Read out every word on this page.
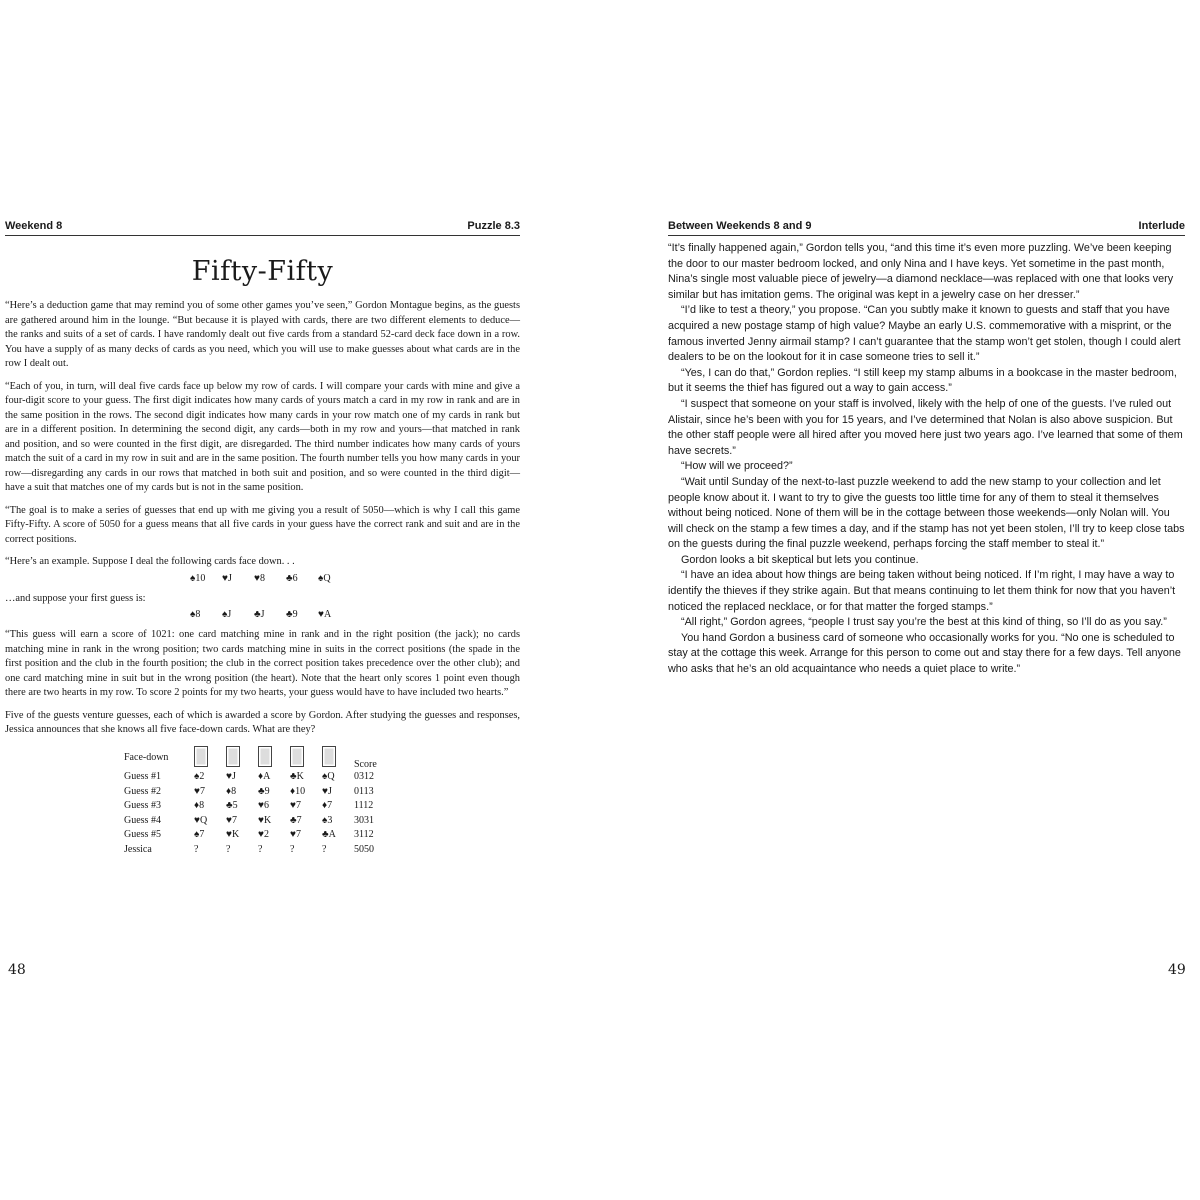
Weekend 8	Puzzle 8.3
Fifty-Fifty

“Here’s a deduction game that may remind you of some other games you’ve seen,” Gordon Montague begins, as the guests are gathered around him in the lounge. “But because it is played with cards, there are two different elements to deduce—the ranks and suits of a set of cards. I have randomly dealt out five cards from a standard 52-card deck face down in a row. You have a supply of as many decks of cards as you need, which you will use to make guesses about what cards are in the row I dealt out.

“Each of you, in turn, will deal five cards face up below my row of cards. I will compare your cards with mine and give a four-digit score to your guess. The first digit indicates how many cards of yours match a card in my row in rank and are in the same position in the rows. The second digit indicates how many cards in your row match one of my cards in rank but are in a different position. In determining the second digit, any cards—both in my row and yours—that matched in rank and position, and so were counted in the first digit, are disregarded. The third number indicates how many cards of yours match the suit of a card in my row in suit and are in the same position. The fourth number tells you how many cards in your row—disregarding any cards in our rows that matched in both suit and position, and so were counted in the third digit—have a suit that matches one of my cards but is not in the same position.

“The goal is to make a series of guesses that end up with me giving you a result of 5050—which is why I call this game Fifty-Fifty. A score of 5050 for a guess means that all five cards in your guess have the correct rank and suit and are in the correct positions.

“Here’s an example. Suppose I deal the following cards face down. . .

♠10 ♥J ♥8 ♣6 ♠Q

…and suppose your first guess is:

♠8 ♠J ♣J ♣9 ♥A

“This guess will earn a score of 1021: one card matching mine in rank and in the right position (the jack); no cards matching mine in rank in the wrong position; two cards matching mine in suits in the correct positions (the spade in the first position and the club in the fourth position; the club in the correct position takes precedence over the other club); and one card matching mine in suit but in the wrong position (the heart). Note that the heart only scores 1 point even though there are two hearts in my row. To score 2 points for my two hearts, your guess would have to have included two hearts.”

Five of the guests venture guesses, each of which is awarded a score by Gordon. After studying the guesses and responses, Jessica announces that she knows all five face-down cards. What are they?

Face-down						Score
Guess #1	♠2	♥J	♦A	♣K	♠Q	0312
Guess #2	♥7	♦8	♣9	♦10	♥J	0113
Guess #3	♦8	♣5	♥6	♥7	♦7	1112
Guess #4	♥Q	♥7	♥K	♣7	♠3	3031
Guess #5	♠7	♥K	♥2	♥7	♣A	3112
Jessica	?	?	?	?	?	5050
48
Between Weekends 8 and 9	Interlude

“It’s finally happened again,” Gordon tells you, “and this time it’s even more puzzling. We’ve been keeping the door to our master bedroom locked, and only Nina and I have keys. Yet sometime in the past month, Nina’s single most valuable piece of jewelry—a diamond necklace—was replaced with one that looks very similar but has imitation gems. The original was kept in a jewelry case on her dresser.”

“I’d like to test a theory,” you propose. “Can you subtly make it known to guests and staff that you have acquired a new postage stamp of high value? Maybe an early U.S. commemorative with a misprint, or the famous inverted Jenny airmail stamp? I can’t guarantee that the stamp won’t get stolen, though I could alert dealers to be on the lookout for it in case someone tries to sell it.”

“Yes, I can do that,” Gordon replies. “I still keep my stamp albums in a bookcase in the master bedroom, but it seems the thief has figured out a way to gain access.”

“I suspect that someone on your staff is involved, likely with the help of one of the guests. I’ve ruled out Alistair, since he’s been with you for 15 years, and I’ve determined that Nolan is also above suspicion. But the other staff people were all hired after you moved here just two years ago. I’ve learned that some of them have secrets.”

“How will we proceed?”

“Wait until Sunday of the next-to-last puzzle weekend to add the new stamp to your collection and let people know about it. I want to try to give the guests too little time for any of them to steal it themselves without being noticed. None of them will be in the cottage between those weekends—only Nolan will. You will check on the stamp a few times a day, and if the stamp has not yet been stolen, I’ll try to keep close tabs on the guests during the final puzzle weekend, perhaps forcing the staff member to steal it.”

Gordon looks a bit skeptical but lets you continue.

“I have an idea about how things are being taken without being noticed. If I’m right, I may have a way to identify the thieves if they strike again. But that means continuing to let them think for now that you haven’t noticed the replaced necklace, or for that matter the forged stamps.”

“All right,” Gordon agrees, “people I trust say you’re the best at this kind of thing, so I’ll do as you say.”

You hand Gordon a business card of someone who occasionally works for you. “No one is scheduled to stay at the cottage this week. Arrange for this person to come out and stay there for a few days. Tell anyone who asks that he’s an old acquaintance who needs a quiet place to write.”

49
